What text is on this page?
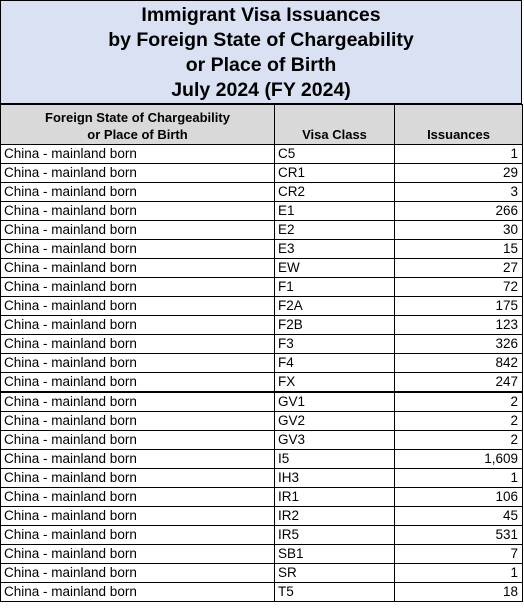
Immigrant Visa Issuances
by Foreign State of Chargeability
or Place of Birth
July 2024 (FY 2024)
Foreign State of Chargeability
or Place of Birth	Visa Class	Issuances
China - mainland born	C5	1
China - mainland born	CR1	29
China - mainland born	CR2	3
China - mainland born	E1	266
China - mainland born	E2	30
China - mainland born	E3	15
China - mainland born	EW	27
China - mainland born	F1	72
China - mainland born	F2A	175
China - mainland born	F2B	123
China - mainland born	F3	326
China - mainland born	F4	842
China - mainland born	FX	247
China - mainland born	GV1	2
China - mainland born	GV2	2
China - mainland born	GV3	2
China - mainland born	I5	1,609
China - mainland born	IH3	1
China - mainland born	IR1	106
China - mainland born	IR2	45
China - mainland born	IR5	531
China - mainland born	SB1	7
China - mainland born	SR	1
China - mainland born	T5	18
